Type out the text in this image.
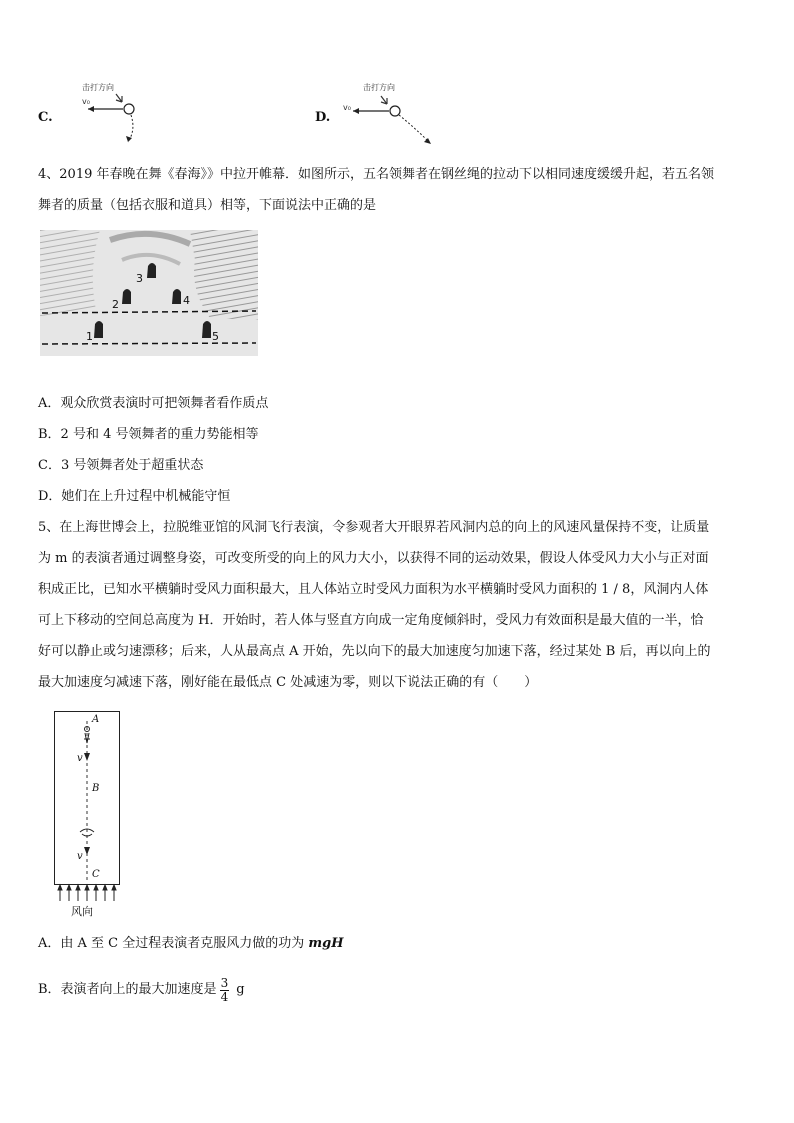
C.
击打方向
v₀
D.
击打方向
v₀
4、2019 年春晚在舞《春海》》中拉开帷幕．如图所示，五名领舞者在钢丝绳的拉动下以相同速度缓缓升起，若五名领
舞者的质量（包括衣服和道具）相等，下面说法中正确的是
3
2	4
1	5
A．观众欣赏表演时可把领舞者看作质点
B．2 号和 4 号领舞者的重力势能相等
C．3 号领舞者处于超重状态
D．她们在上升过程中机械能守恒
5、在上海世博会上，拉脱维亚馆的风洞飞行表演，令参观者大开眼界若风洞内总的向上的风速风量保持不变，让质量
为 m 的表演者通过调整身姿，可改变所受的向上的风力大小，以获得不同的运动效果，假设人体受风力大小与正对面
积成正比，已知水平横躺时受风力面积最大，且人体站立时受风力面积为水平横躺时受风力面积的 1 / 8，风洞内人体
可上下移动的空间总高度为 H．开始时，若人体与竖直方向成一定角度倾斜时，受风力有效面积是最大值的一半，恰
好可以静止或匀速漂移；后来，人从最高点 A 开始，先以向下的最大加速度匀加速下落，经过某处 B 后，再以向上的
最大加速度匀减速下落，刚好能在最低点 C 处减速为零，则以下说法正确的有（　　）
A
v
B
v
C
风向
A．由 A 至 C 全过程表演者克服风力做的功为 mgH
B．表演者向上的最大加速度是 $\frac{3}{4}$ g
